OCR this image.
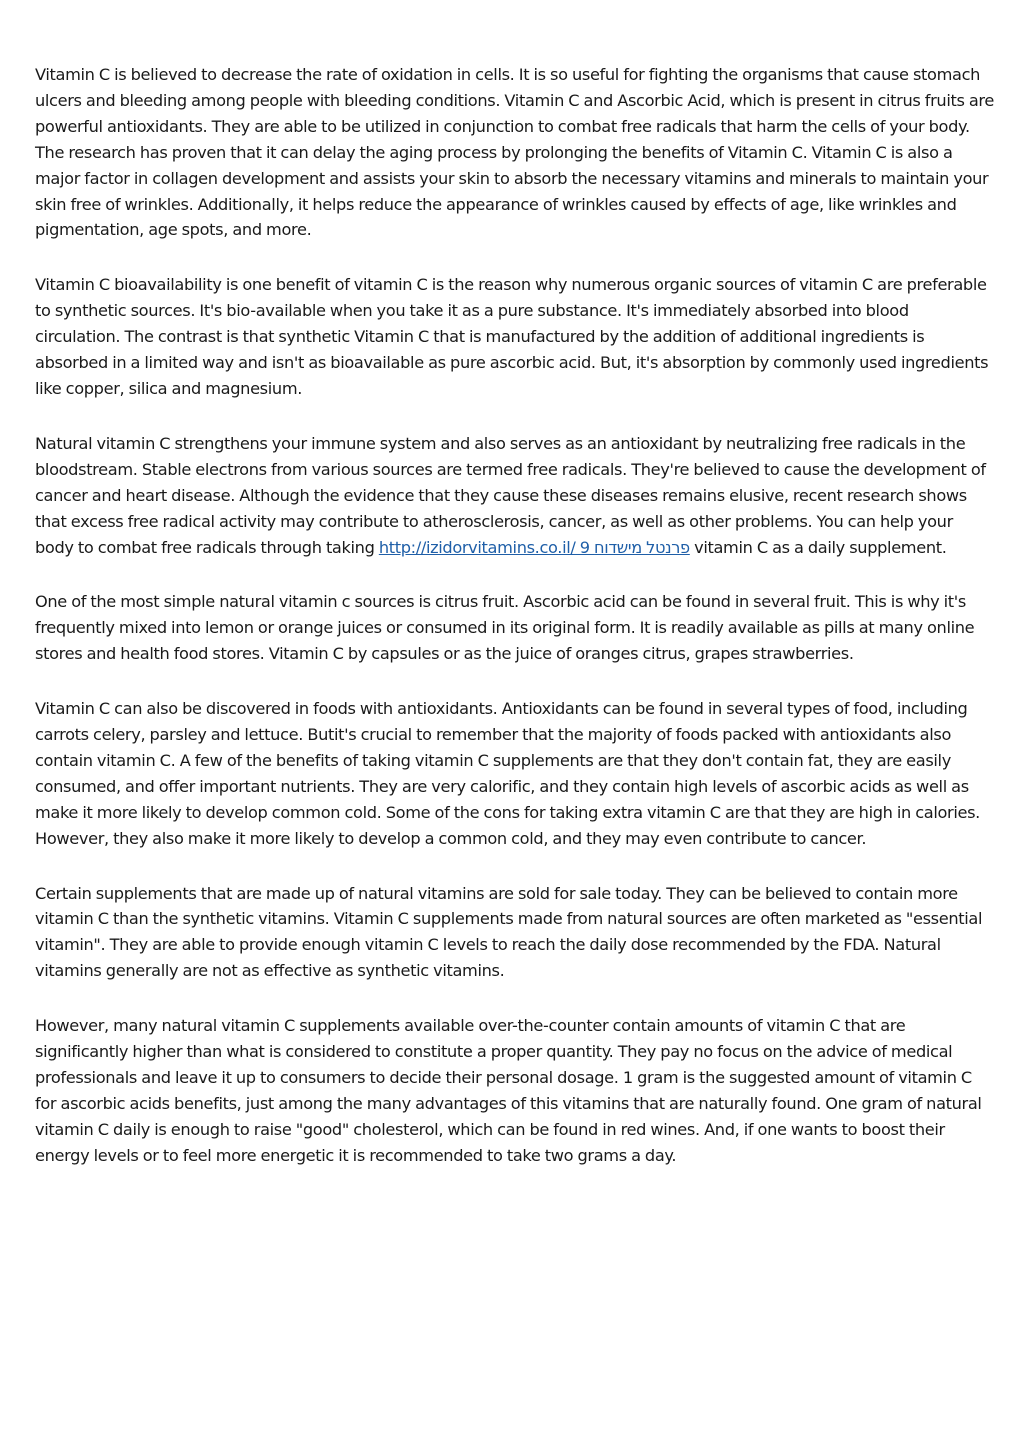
Vitamin C is believed to decrease the rate of oxidation in cells. It is so useful for fighting the organisms that cause stomach ulcers and bleeding among people with bleeding conditions. Vitamin C and Ascorbic Acid, which is present in citrus fruits are powerful antioxidants. They are able to be utilized in conjunction to combat free radicals that harm the cells of your body. The research has proven that it can delay the aging process by prolonging the benefits of Vitamin C. Vitamin C is also a major factor in collagen development and assists your skin to absorb the necessary vitamins and minerals to maintain your skin free of wrinkles. Additionally, it helps reduce the appearance of wrinkles caused by effects of age, like wrinkles and pigmentation, age spots, and more.

Vitamin C bioavailability is one benefit of vitamin C is the reason why numerous organic sources of vitamin C are preferable to synthetic sources. It's bio-available when you take it as a pure substance. It's immediately absorbed into blood circulation. The contrast is that synthetic Vitamin C that is manufactured by the addition of additional ingredients is absorbed in a limited way and isn't as bioavailable as pure ascorbic acid. But, it's absorption by commonly used ingredients like copper, silica and magnesium.

Natural vitamin C strengthens your immune system and also serves as an antioxidant by neutralizing free radicals in the bloodstream. Stable electrons from various sources are termed free radicals. They're believed to cause the development of cancer and heart disease. Although the evidence that they cause these diseases remains elusive, recent research shows that excess free radical activity may contribute to atherosclerosis, cancer, as well as other problems. You can help your body to combat free radicals through taking http://izidorvitamins.co.il/ 9 פרנטל מישדוח vitamin C as a daily supplement.

One of the most simple natural vitamin c sources is citrus fruit. Ascorbic acid can be found in several fruit. This is why it's frequently mixed into lemon or orange juices or consumed in its original form. It is readily available as pills at many online stores and health food stores. Vitamin C by capsules or as the juice of oranges citrus, grapes strawberries.

Vitamin C can also be discovered in foods with antioxidants. Antioxidants can be found in several types of food, including carrots celery, parsley and lettuce. Butit's crucial to remember that the majority of foods packed with antioxidants also contain vitamin C. A few of the benefits of taking vitamin C supplements are that they don't contain fat, they are easily consumed, and offer important nutrients. They are very calorific, and they contain high levels of ascorbic acids as well as make it more likely to develop common cold. Some of the cons for taking extra vitamin C are that they are high in calories. However, they also make it more likely to develop a common cold, and they may even contribute to cancer.

Certain supplements that are made up of natural vitamins are sold for sale today. They can be believed to contain more vitamin C than the synthetic vitamins. Vitamin C supplements made from natural sources are often marketed as "essential vitamin". They are able to provide enough vitamin C levels to reach the daily dose recommended by the FDA. Natural vitamins generally are not as effective as synthetic vitamins.

However, many natural vitamin C supplements available over-the-counter contain amounts of vitamin C that are significantly higher than what is considered to constitute a proper quantity. They pay no focus on the advice of medical professionals and leave it up to consumers to decide their personal dosage. 1 gram is the suggested amount of vitamin C for ascorbic acids benefits, just among the many advantages of this vitamins that are naturally found. One gram of natural vitamin C daily is enough to raise "good" cholesterol, which can be found in red wines. And, if one wants to boost their energy levels or to feel more energetic it is recommended to take two grams a day.
